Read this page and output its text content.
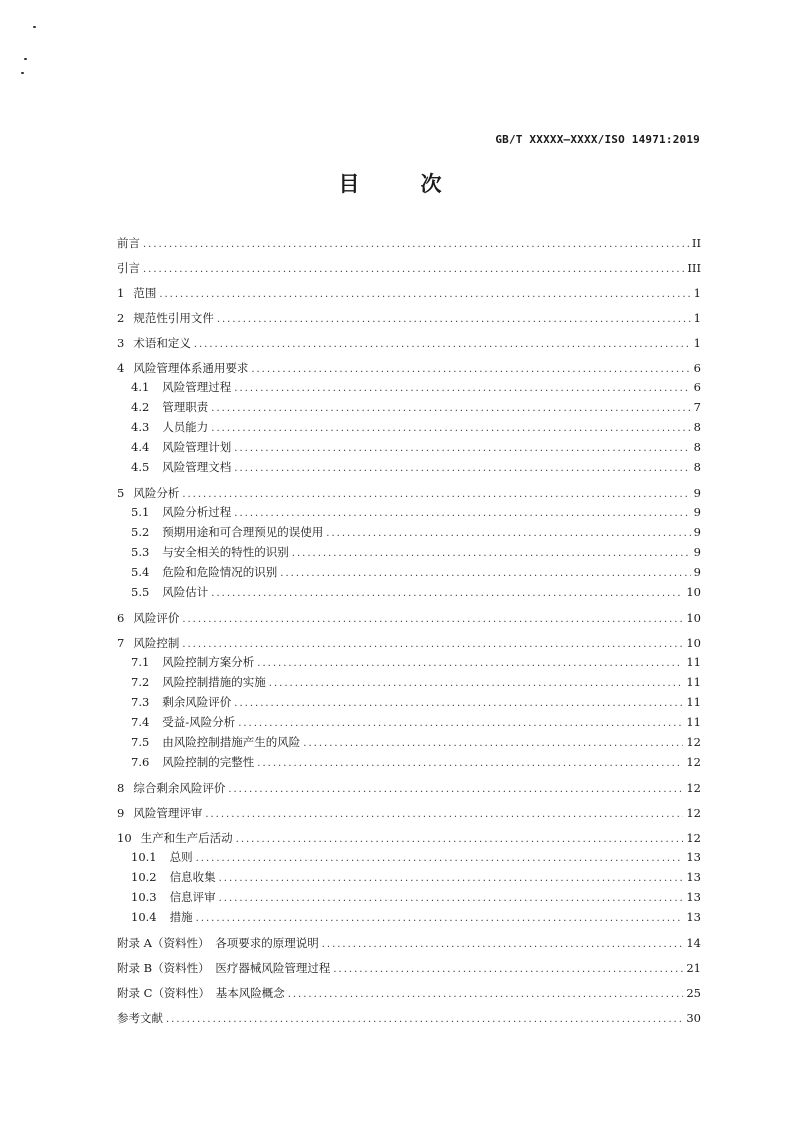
GB/T XXXXX—XXXX/ISO 14971:2019
目　次
前言 .....	II
引言 .....	III
1 范围 .....	1
2 规范性引用文件 .....	1
3 术语和定义 .....	1
4 风险管理体系通用要求 .....	6
4.1	风险管理过程 .....	6
4.2	管理职责 .....	7
4.3	人员能力 .....	8
4.4	风险管理计划 .....	8
4.5	风险管理文档 .....	8
5 风险分析 .....	9
5.1	风险分析过程 .....	9
5.2	预期用途和可合理预见的误使用 .....	9
5.3	与安全相关的特性的识别 .....	9
5.4	危险和危险情况的识别 .....	9
5.5	风险估计 .....	10
6 风险评价 .....	10
7 风险控制 .....	10
7.1	风险控制方案分析 .....	11
7.2	风险控制措施的实施 .....	11
7.3	剩余风险评价 .....	11
7.4	受益-风险分析 .....	11
7.5	由风险控制措施产生的风险 .....	12
7.6	风险控制的完整性 .....	12
8 综合剩余风险评价 .....	12
9 风险管理评审 .....	12
10 生产和生产后活动 .....	12
10.1	总则 .....	13
10.2	信息收集 .....	13
10.3	信息评审 .....	13
10.4	措施 .....	13
附录 A（资料性）　各项要求的原理说明 .....	14
附录 B（资料性）　医疗器械风险管理过程 .....	21
附录 C（资料性）　基本风险概念 .....	25
参考文献 .....	30
